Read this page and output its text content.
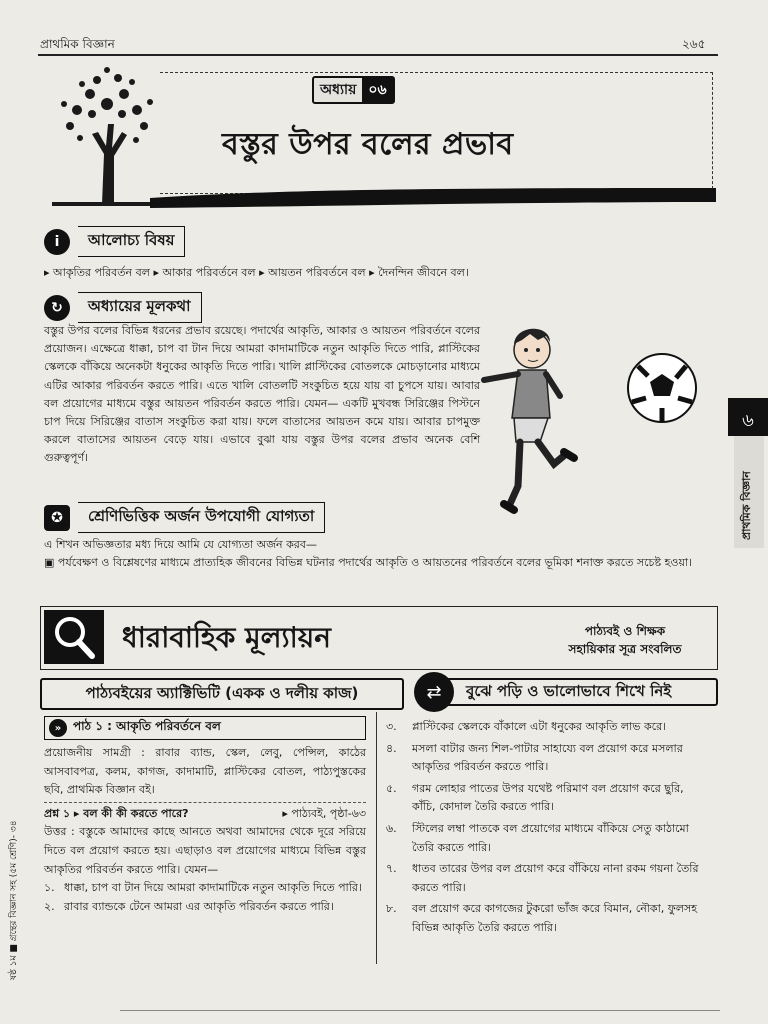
প্রাথমিক বিজ্ঞান	২৬৫
অধ্যায় ০৬
বস্তুর উপর বলের প্রভাব
i	আলোচ্য বিষয়
▸ আকৃতির পরিবর্তন বল ▸ আকার পরিবর্তনে বল ▸ আয়তন পরিবর্তনে বল ▸ দৈনন্দিন জীবনে বল।
↻	অধ্যায়ের মূলকথা
বস্তুর উপর বলের বিভিন্ন ধরনের প্রভাব রয়েছে। পদার্থের আকৃতি, আকার ও আয়তন পরিবর্তনে বলের প্রয়োজন। এক্ষেত্রে ধাক্কা, চাপ বা টান দিয়ে আমরা কাদামাটিকে নতুন আকৃতি দিতে পারি, প্লাস্টিকের স্কেলকে বাঁকিয়ে অনেকটা ধনুকের আকৃতি দিতে পারি। খালি প্লাস্টিকের বোতলকে মোচড়ানোর মাধ্যমে এটির আকার পরিবর্তন করতে পারি। এতে খালি বোতলটি সংকুচিত হয়ে যায় বা চুপসে যায়। আবার বল প্রয়োগের মাধ্যমে বস্তুর আয়তন পরিবর্তন করতে পারি। যেমন— একটি মুখবন্ধ সিরিঞ্জের পিস্টনে চাপ দিয়ে সিরিঞ্জের বাতাস সংকুচিত করা যায়। ফলে বাতাসের আয়তন কমে যায়। আবার চাপমুক্ত করলে বাতাসের আয়তন বেড়ে যায়। এভাবে বুঝা যায় বস্তুর উপর বলের প্রভাব অনেক বেশি গুরুত্বপূর্ণ।
✪	শ্রেণিভিত্তিক অর্জন উপযোগী যোগ্যতা
এ শিখন অভিজ্ঞতার মধ্য দিয়ে আমি যে যোগ্যতা অর্জন করব—
▣ পর্যবেক্ষণ ও বিশ্লেষণের মাধ্যমে প্রাত্যহিক জীবনের বিভিন্ন ঘটনার পদার্থের আকৃতি ও আয়তনের পরিবর্তনে বলের ভূমিকা শনাক্ত করতে সচেষ্ট হওয়া।
ধারাবাহিক মূল্যায়ন	পাঠ্যবই ও শিক্ষক
সহায়িকার সূত্র সংবলিত
পাঠ্যবইয়ের অ্যাক্টিভিটি (একক ও দলীয় কাজ)	বুঝে পড়ি ও ভালোভাবে শিখে নিই
⇄
» পাঠ ১ : আকৃতি পরিবর্তনে বল

প্রয়োজনীয় সামগ্রী : রাবার ব্যান্ড, স্কেল, লেবু, পেন্সিল, কাঠের আসবাবপত্র, কলম, কাগজ, কাদামাটি, প্লাস্টিকের বোতল, পাঠ্যপুস্তকের ছবি, প্রাথমিক বিজ্ঞান বই।

প্রশ্ন ১ ▸ বল কী কী করতে পারে?	▸ পাঠ্যবই, পৃষ্ঠা-৬৩

উত্তর : বস্তুকে আমাদের কাছে আনতে অথবা আমাদের থেকে দূরে সরিয়ে দিতে বল প্রয়োগ করতে হয়। এছাড়াও বল প্রয়োগের মাধ্যমে বিভিন্ন বস্তুর আকৃতির পরিবর্তন করতে পারি। যেমন—

১. ধাক্কা, চাপ বা টান দিয়ে আমরা কাদামাটিকে নতুন আকৃতি দিতে পারি।
২. রাবার ব্যান্ডকে টেনে আমরা এর আকৃতি পরিবর্তন করতে পারি।
৩.	প্লাস্টিকের স্কেলকে বাঁকালে এটা ধনুকের আকৃতি লাভ করে।
৪.	মসলা বাটার জন্য শিল-পাটার সাহায্যে বল প্রয়োগ করে মসলার আকৃতির পরিবর্তন করতে পারি।
৫.	গরম লোহার পাতের উপর যথেষ্ট পরিমাণ বল প্রয়োগ করে ছুরি, কাঁচি, কোদাল তৈরি করতে পারি।
৬.	স্টিলের লম্বা পাতকে বল প্রয়োগের মাধ্যমে বাঁকিয়ে সেতু কাঠামো তৈরি করতে পারি।
৭.	ধাতব তারের উপর বল প্রয়োগ করে বাঁকিয়ে নানা রকম গয়না তৈরি করতে পারি।
৮.	বল প্রয়োগ করে কাগজের টুকরো ভাঁজ করে বিমান, নৌকা, ফুলসহ বিভিন্ন আকৃতি তৈরি করতে পারি।
ষষ্ঠ ১ম ■ গ্রন্থের বিজ্ঞান সহ (৫ম শ্রেণি)- ৩৪
৬
প্রাথমিক বিজ্ঞান
